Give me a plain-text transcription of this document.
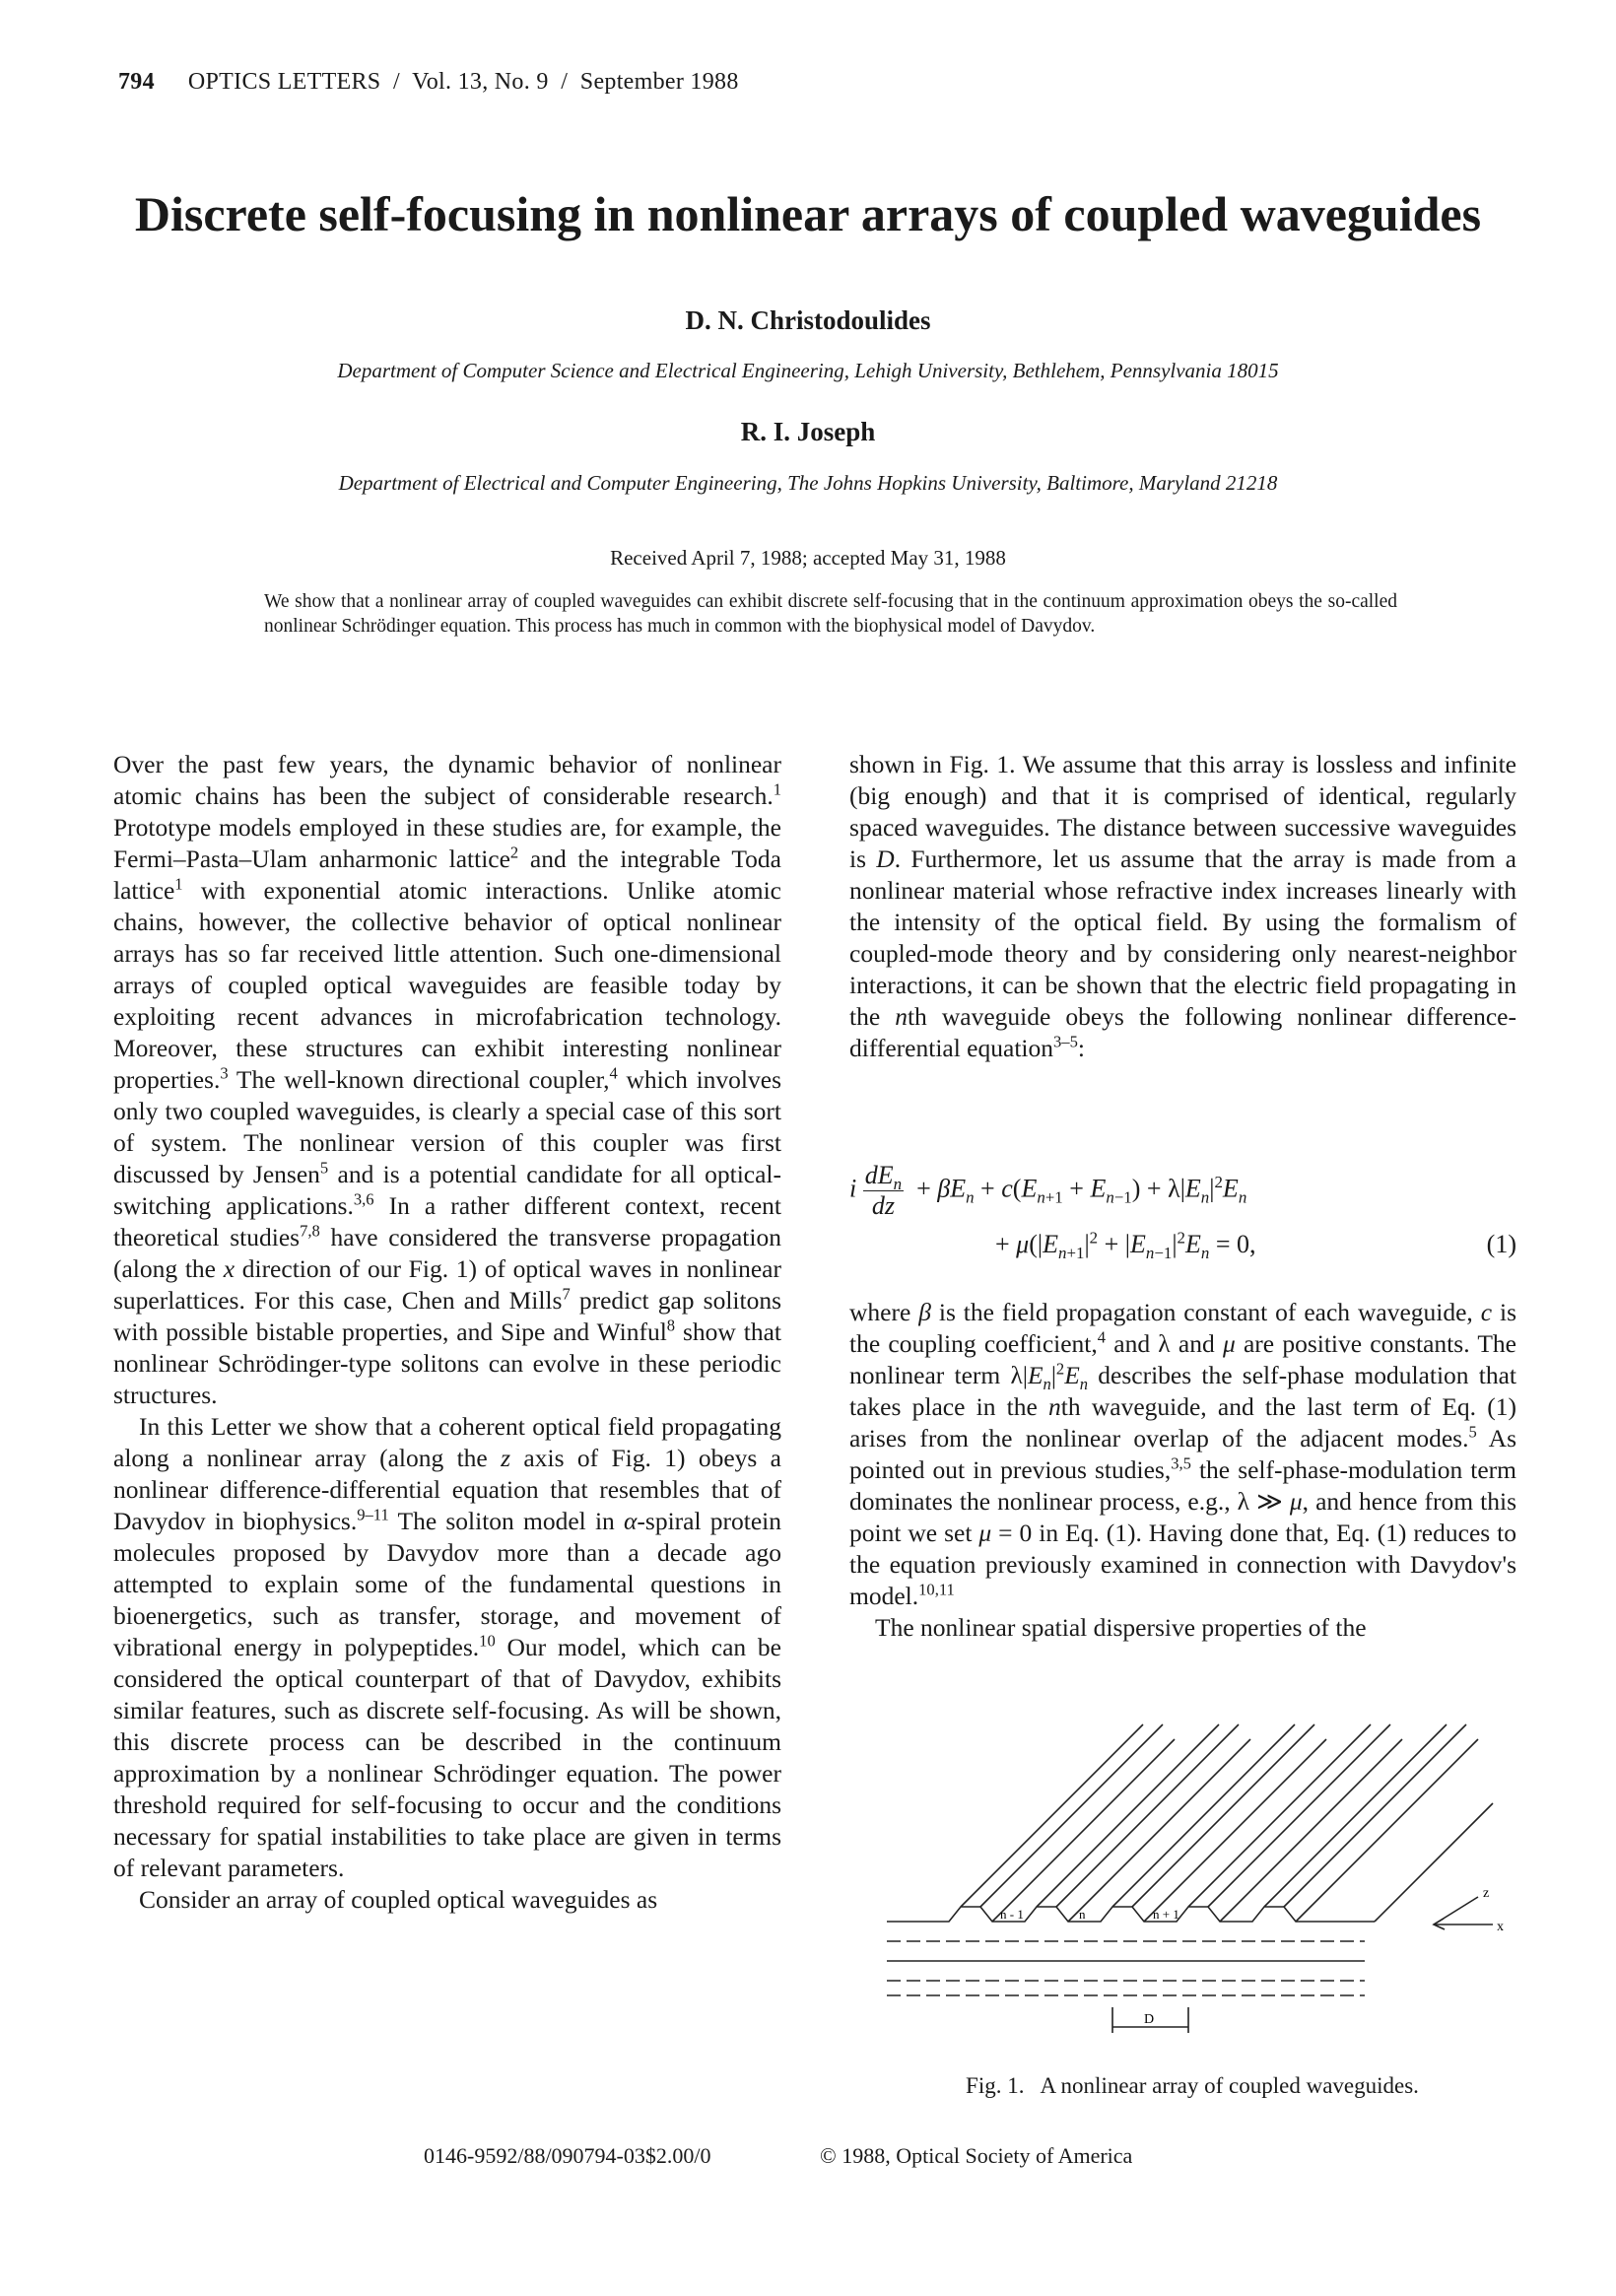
794 OPTICS LETTERS  /  Vol. 13, No. 9  /  September 1988
Discrete self-focusing in nonlinear arrays of coupled waveguides
D. N. Christodoulides
Department of Computer Science and Electrical Engineering, Lehigh University, Bethlehem, Pennsylvania 18015
R. I. Joseph
Department of Electrical and Computer Engineering, The Johns Hopkins University, Baltimore, Maryland 21218
Received April 7, 1988; accepted May 31, 1988
We show that a nonlinear array of coupled waveguides can exhibit discrete self-focusing that in the continuum approximation obeys the so-called nonlinear Schrödinger equation. This process has much in common with the biophysical model of Davydov.

Over the past few years, the dynamic behavior of nonlinear atomic chains has been the subject of considerable research.$^1$ Prototype models employed in these studies are, for example, the Fermi–Pasta–Ulam anharmonic lattice$^2$ and the integrable Toda lattice$^1$ with exponential atomic interactions. Unlike atomic chains, however, the collective behavior of optical nonlinear arrays has so far received little attention. Such one-dimensional arrays of coupled optical waveguides are feasible today by exploiting recent advances in microfabrication technology. Moreover, these structures can exhibit interesting nonlinear properties.$^3$ The well-known directional coupler,$^4$ which involves only two coupled waveguides, is clearly a special case of this sort of system. The nonlinear version of this coupler was first discussed by Jensen$^5$ and is a potential candidate for all optical-switching applications.$^{3,6}$ In a rather different context, recent theoretical studies$^{7,8}$ have considered the transverse propagation (along the x direction of our Fig. 1) of optical waves in nonlinear superlattices. For this case, Chen and Mills$^7$ predict gap solitons with possible bistable properties, and Sipe and Winful$^8$ show that nonlinear Schrödinger-type solitons can evolve in these periodic structures.

In this Letter we show that a coherent optical field propagating along a nonlinear array (along the z axis of Fig. 1) obeys a nonlinear difference-differential equation that resembles that of Davydov in biophysics.$^{9-11}$ The soliton model in α-spiral protein molecules proposed by Davydov more than a decade ago attempted to explain some of the fundamental questions in bioenergetics, such as transfer, storage, and movement of vibrational energy in polypeptides.$^{10}$ Our model, which can be considered the optical counterpart of that of Davydov, exhibits similar features, such as discrete self-focusing. As will be shown, this discrete process can be described in the continuum approximation by a nonlinear Schrödinger equation. The power threshold required for self-focusing to occur and the conditions necessary for spatial instabilities to take place are given in terms of relevant parameters.

Consider an array of coupled optical waveguides as

shown in Fig. 1. We assume that this array is lossless and infinite (big enough) and that it is comprised of identical, regularly spaced waveguides. The distance between successive waveguides is D. Furthermore, let us assume that the array is made from a nonlinear material whose refractive index increases linearly with the intensity of the optical field. By using the formalism of coupled-mode theory and by considering only nearest-neighbor interactions, it can be shown that the electric field propagating in the nth waveguide obeys the following nonlinear difference-differential equation$^{3-5}$:

i $\frac{dE_n}{dz} + \beta E_n + c(E_{n+1} + E_{n-1}) + \lambda|E_n|^2E_n$
+ $\mu(|E_{n+1}|^2 + |E_{n-1}|^2E_n = 0$,	(1)

where β is the field propagation constant of each waveguide, c is the coupling coefficient,$^4$ and λ and μ are positive constants. The nonlinear term $\lambda|E_n|^2E_n$ describes the self-phase modulation that takes place in the nth waveguide, and the last term of Eq. (1) arises from the nonlinear overlap of the adjacent modes.$^5$ As pointed out in previous studies,$^{3,5}$ the self-phase-modulation term dominates the nonlinear process, e.g., λ ≫ μ, and hence from this point we set μ = 0 in Eq. (1). Having done that, Eq. (1) reduces to the equation previously examined in connection with Davydov's model.$^{10,11}$

The nonlinear spatial dispersive properties of the

n - 1	n	n + 1
D
z
x
Fig. 1.   A nonlinear array of coupled waveguides.
0146-9592/88/090794-03$2.00/0	© 1988, Optical Society of America
